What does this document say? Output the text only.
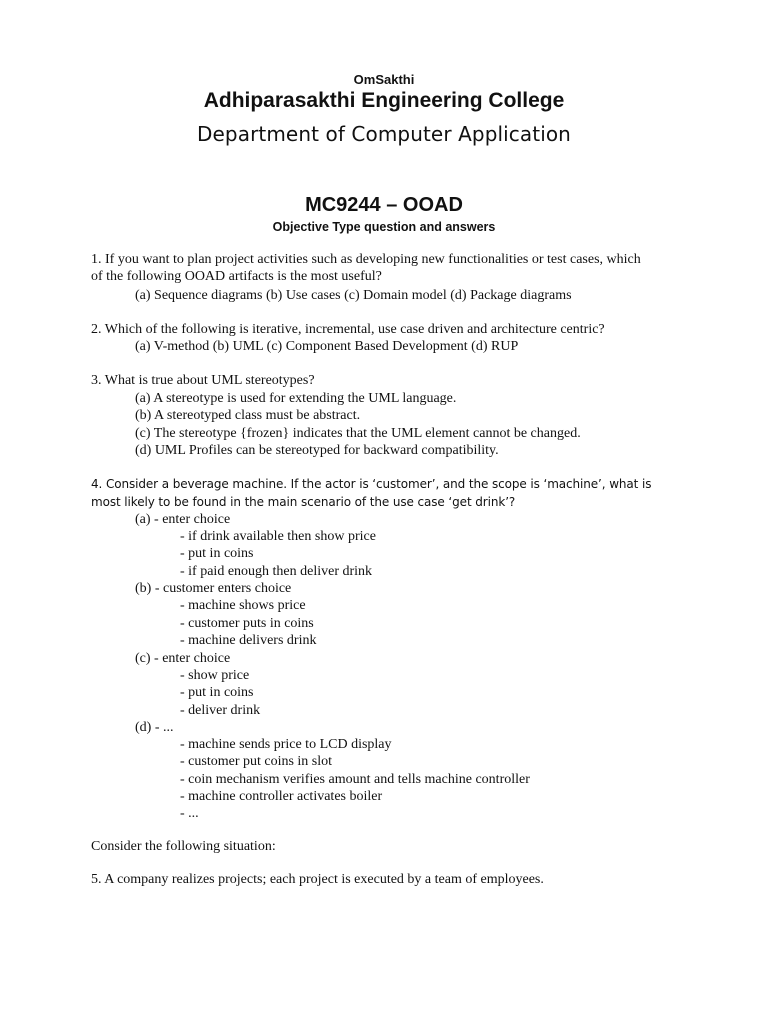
OmSakthi
Adhiparasakthi Engineering College
Department of Computer Application
MC9244 – OOAD
Objective Type question and answers
1. If you want to plan project activities such as developing new functionalities or test cases, which
of the following OOAD artifacts is the most useful?
(a) Sequence diagrams (b) Use cases (c) Domain model (d) Package diagrams
2. Which of the following is iterative, incremental, use case driven and architecture centric?
(a) V-method (b) UML (c) Component Based Development (d) RUP
3. What is true about UML stereotypes?
(a) A stereotype is used for extending the UML language.
(b) A stereotyped class must be abstract.
(c) The stereotype {frozen} indicates that the UML element cannot be changed.
(d) UML Profiles can be stereotyped for backward compatibility.
4. Consider a beverage machine. If the actor is ‘customer’, and the scope is ‘machine’, what is
most likely to be found in the main scenario of the use case ‘get drink’?
(a) - enter choice
- if drink available then show price
- put in coins
- if paid enough then deliver drink
(b) - customer enters choice
- machine shows price
- customer puts in coins
- machine delivers drink
(c) - enter choice
- show price
- put in coins
- deliver drink
(d) - ...
- machine sends price to LCD display
- customer put coins in slot
- coin mechanism verifies amount and tells machine controller
- machine controller activates boiler
- ...
Consider the following situation:
5. A company realizes projects; each project is executed by a team of employees.
